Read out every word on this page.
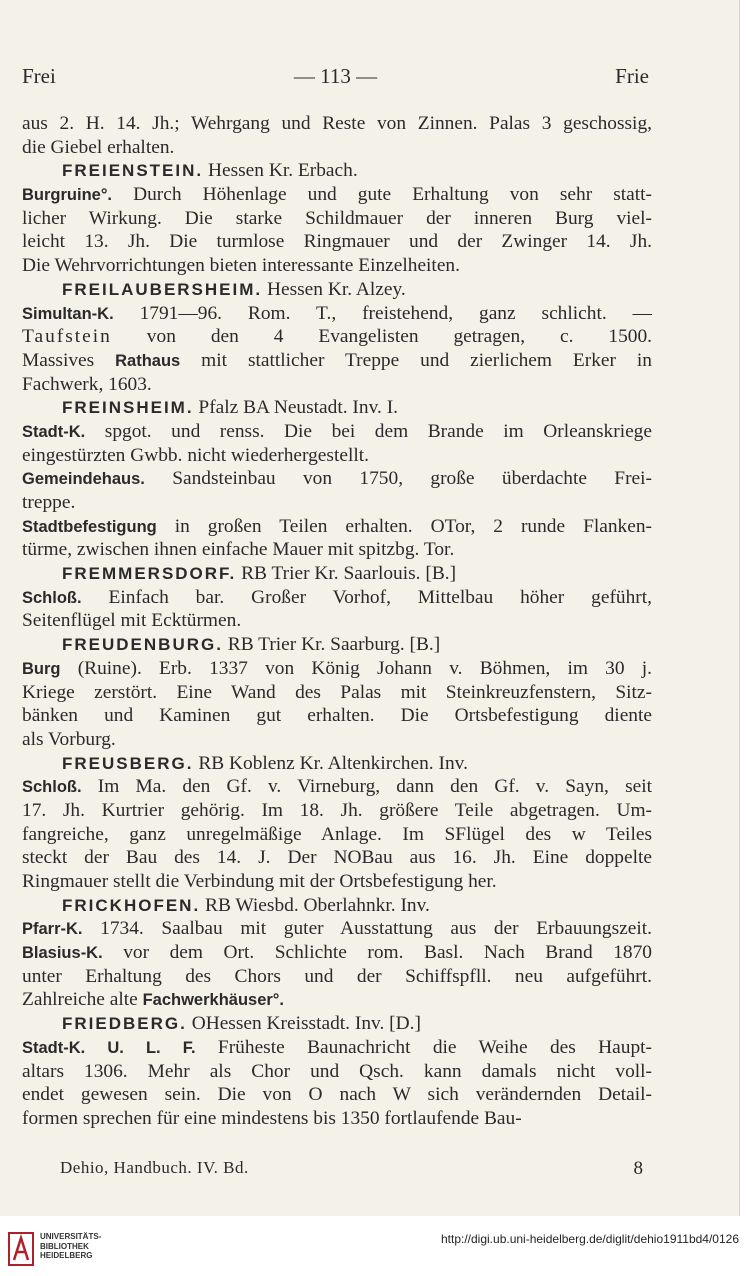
Frei	— 113 —	Frie
aus 2. H. 14. Jh.; Wehrgang und Reste von Zinnen. Palas 3 geschossig,
die Giebel erhalten.
FREIENSTEIN. Hessen Kr. Erbach.
Burgruine°. Durch Höhenlage und gute Erhaltung von sehr statt-
licher Wirkung. Die starke Schildmauer der inneren Burg viel-
leicht 13. Jh. Die turmlose Ringmauer und der Zwinger 14. Jh.
Die Wehrvorrichtungen bieten interessante Einzelheiten.
FREILAUBERSHEIM. Hessen Kr. Alzey.
Simultan-K. 1791—96. Rom. T., freistehend, ganz schlicht. —
Taufstein von den 4 Evangelisten getragen, c. 1500.
Massives Rathaus mit stattlicher Treppe und zierlichem Erker in
Fachwerk, 1603.
FREINSHEIM. Pfalz BA Neustadt. Inv. I.
Stadt-K. spgot. und renss. Die bei dem Brande im Orleanskriege
eingestürzten Gwbb. nicht wiederhergestellt.
Gemeindehaus. Sandsteinbau von 1750, große überdachte Frei-
treppe.
Stadtbefestigung in großen Teilen erhalten. OTor, 2 runde Flanken-
türme, zwischen ihnen einfache Mauer mit spitzbg. Tor.
FREMMERSDORF. RB Trier Kr. Saarlouis. [B.]
Schloß. Einfach bar. Großer Vorhof, Mittelbau höher geführt,
Seitenflügel mit Ecktürmen.
FREUDENBURG. RB Trier Kr. Saarburg. [B.]
Burg (Ruine). Erb. 1337 von König Johann v. Böhmen, im 30 j.
Kriege zerstört. Eine Wand des Palas mit Steinkreuzfenstern, Sitz-
bänken und Kaminen gut erhalten. Die Ortsbefestigung diente
als Vorburg.
FREUSBERG. RB Koblenz Kr. Altenkirchen. Inv.
Schloß. Im Ma. den Gf. v. Virneburg, dann den Gf. v. Sayn, seit
17. Jh. Kurtrier gehörig. Im 18. Jh. größere Teile abgetragen. Um-
fangreiche, ganz unregelmäßige Anlage. Im SFlügel des w Teiles
steckt der Bau des 14. J. Der NOBau aus 16. Jh. Eine doppelte
Ringmauer stellt die Verbindung mit der Ortsbefestigung her.
FRICKHOFEN. RB Wiesbd. Oberlahnkr. Inv.
Pfarr-K. 1734. Saalbau mit guter Ausstattung aus der Erbauungszeit.
Blasius-K. vor dem Ort. Schlichte rom. Basl. Nach Brand 1870
unter Erhaltung des Chors und der Schiffspfll. neu aufgeführt.
Zahlreiche alte Fachwerkhäuser°.
FRIEDBERG. OHessen Kreisstadt. Inv. [D.]
Stadt-K. U. L. F. Früheste Baunachricht die Weihe des Haupt-
altars 1306. Mehr als Chor und Qsch. kann damals nicht voll-
endet gewesen sein. Die von O nach W sich verändernden Detail-
formen sprechen für eine mindestens bis 1350 fortlaufende Bau-
Dehio, Handbuch. IV. Bd.	8
UNIVERSITÄTS-
BIBLIOTHEK
HEIDELBERG
http://digi.ub.uni-heidelberg.de/diglit/dehio1911bd4/0126
